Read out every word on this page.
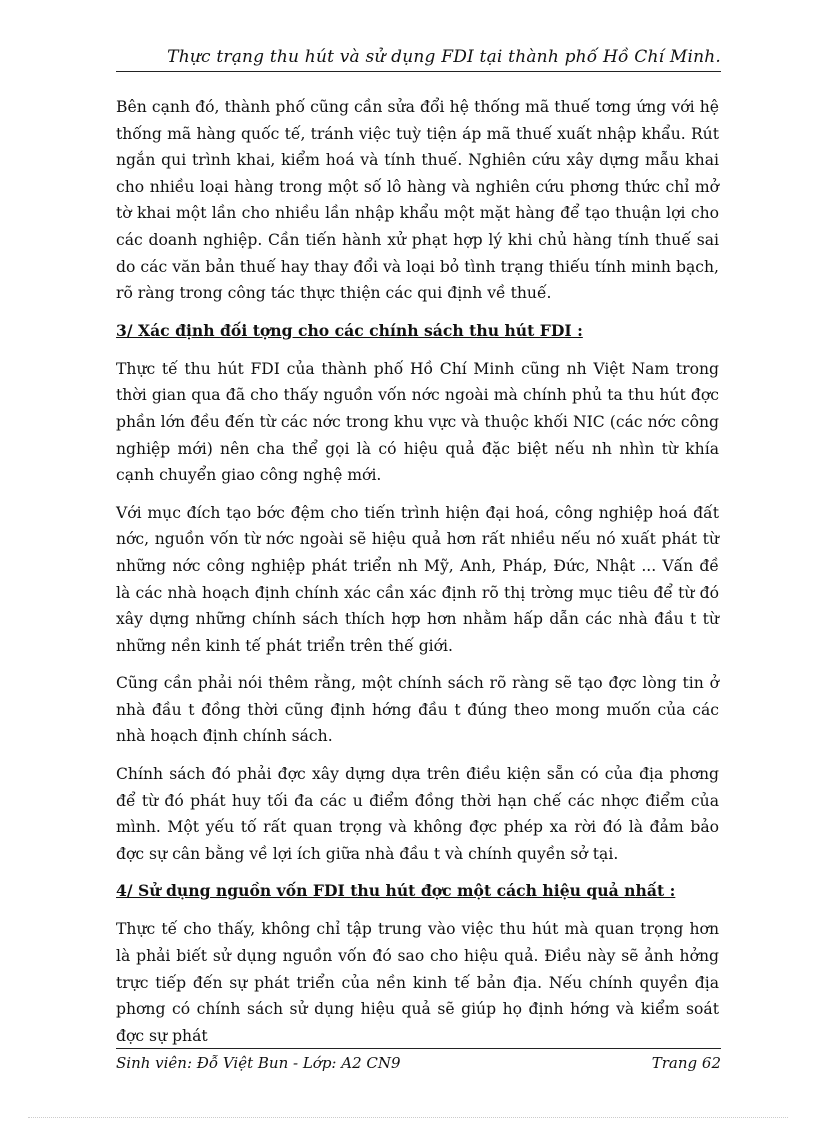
Thực trạng thu hút và sử dụng FDI tại thành phố Hồ Chí Minh.

Bên cạnh đó, thành phố cũng cần sửa đổi hệ thống mã thuế tơng ứng với hệ thống mã hàng quốc tế, tránh việc tuỳ tiện áp mã thuế xuất nhập khẩu. Rút ngắn qui trình khai, kiểm hoá và tính thuế. Nghiên cứu xây dựng mẫu khai cho nhiều loại hàng trong một số lô hàng và nghiên cứu phơng thức chỉ mở tờ khai một lần cho nhiều lần nhập khẩu một mặt hàng để tạo thuận lợi cho các doanh nghiệp. Cần tiến hành xử phạt hợp lý khi chủ hàng tính thuế sai do các văn bản thuế hay thay đổi và loại bỏ tình trạng thiếu tính minh bạch, rõ ràng trong công tác thực thiện các qui định về thuế.

3/ Xác định đối tợng cho các chính sách thu hút FDI :

Thực tế thu hút FDI của thành phố Hồ Chí Minh cũng nh Việt Nam trong thời gian qua đã cho thấy nguồn vốn nớc ngoài mà chính phủ ta thu hút đợc phần lớn đều đến từ các nớc trong khu vực và thuộc khối NIC (các nớc công nghiệp mới) nên cha thể gọi là có hiệu quả đặc biệt nếu nh nhìn từ khía cạnh chuyển giao công nghệ mới.

Với mục đích tạo bớc đệm cho tiến trình hiện đại hoá, công nghiệp hoá đất nớc, nguồn vốn từ nớc ngoài sẽ hiệu quả hơn rất nhiều nếu nó xuất phát từ những nớc công nghiệp phát triển nh Mỹ, Anh, Pháp, Đức, Nhật ... Vấn đề là các nhà hoạch định chính xác cần xác định rõ thị trờng mục tiêu để từ đó xây dựng những chính sách thích hợp hơn nhằm hấp dẫn các nhà đầu t từ những nền kinh tế phát triển trên thế giới.

Cũng cần phải nói thêm rằng, một chính sách rõ ràng sẽ tạo đợc lòng tin ở nhà đầu t đồng thời cũng định hớng đầu t đúng theo mong muốn của các nhà hoạch định chính sách.

Chính sách đó phải đợc xây dựng dựa trên điều kiện sẵn có của địa phơng để từ đó phát huy tối đa các u điểm đồng thời hạn chế các nhợc điểm của mình. Một yếu tố rất quan trọng và không đợc phép xa rời đó là đảm bảo đợc sự cân bằng về lợi ích giữa nhà đầu t và chính quyền sở tại.

4/ Sử dụng nguồn vốn FDI thu hút đợc một cách hiệu quả nhất :

Thực tế cho thấy, không chỉ tập trung vào việc thu hút mà quan trọng hơn là phải biết sử dụng nguồn vốn đó sao cho hiệu quả. Điều này sẽ ảnh hởng trực tiếp đến sự phát triển của nền kinh tế bản địa. Nếu chính quyền địa phơng có chính sách sử dụng hiệu quả sẽ giúp họ định hớng và kiểm soát đợc sự phát

Sinh viên: Đỗ Việt Bun - Lớp: A2 CN9	Trang 62
